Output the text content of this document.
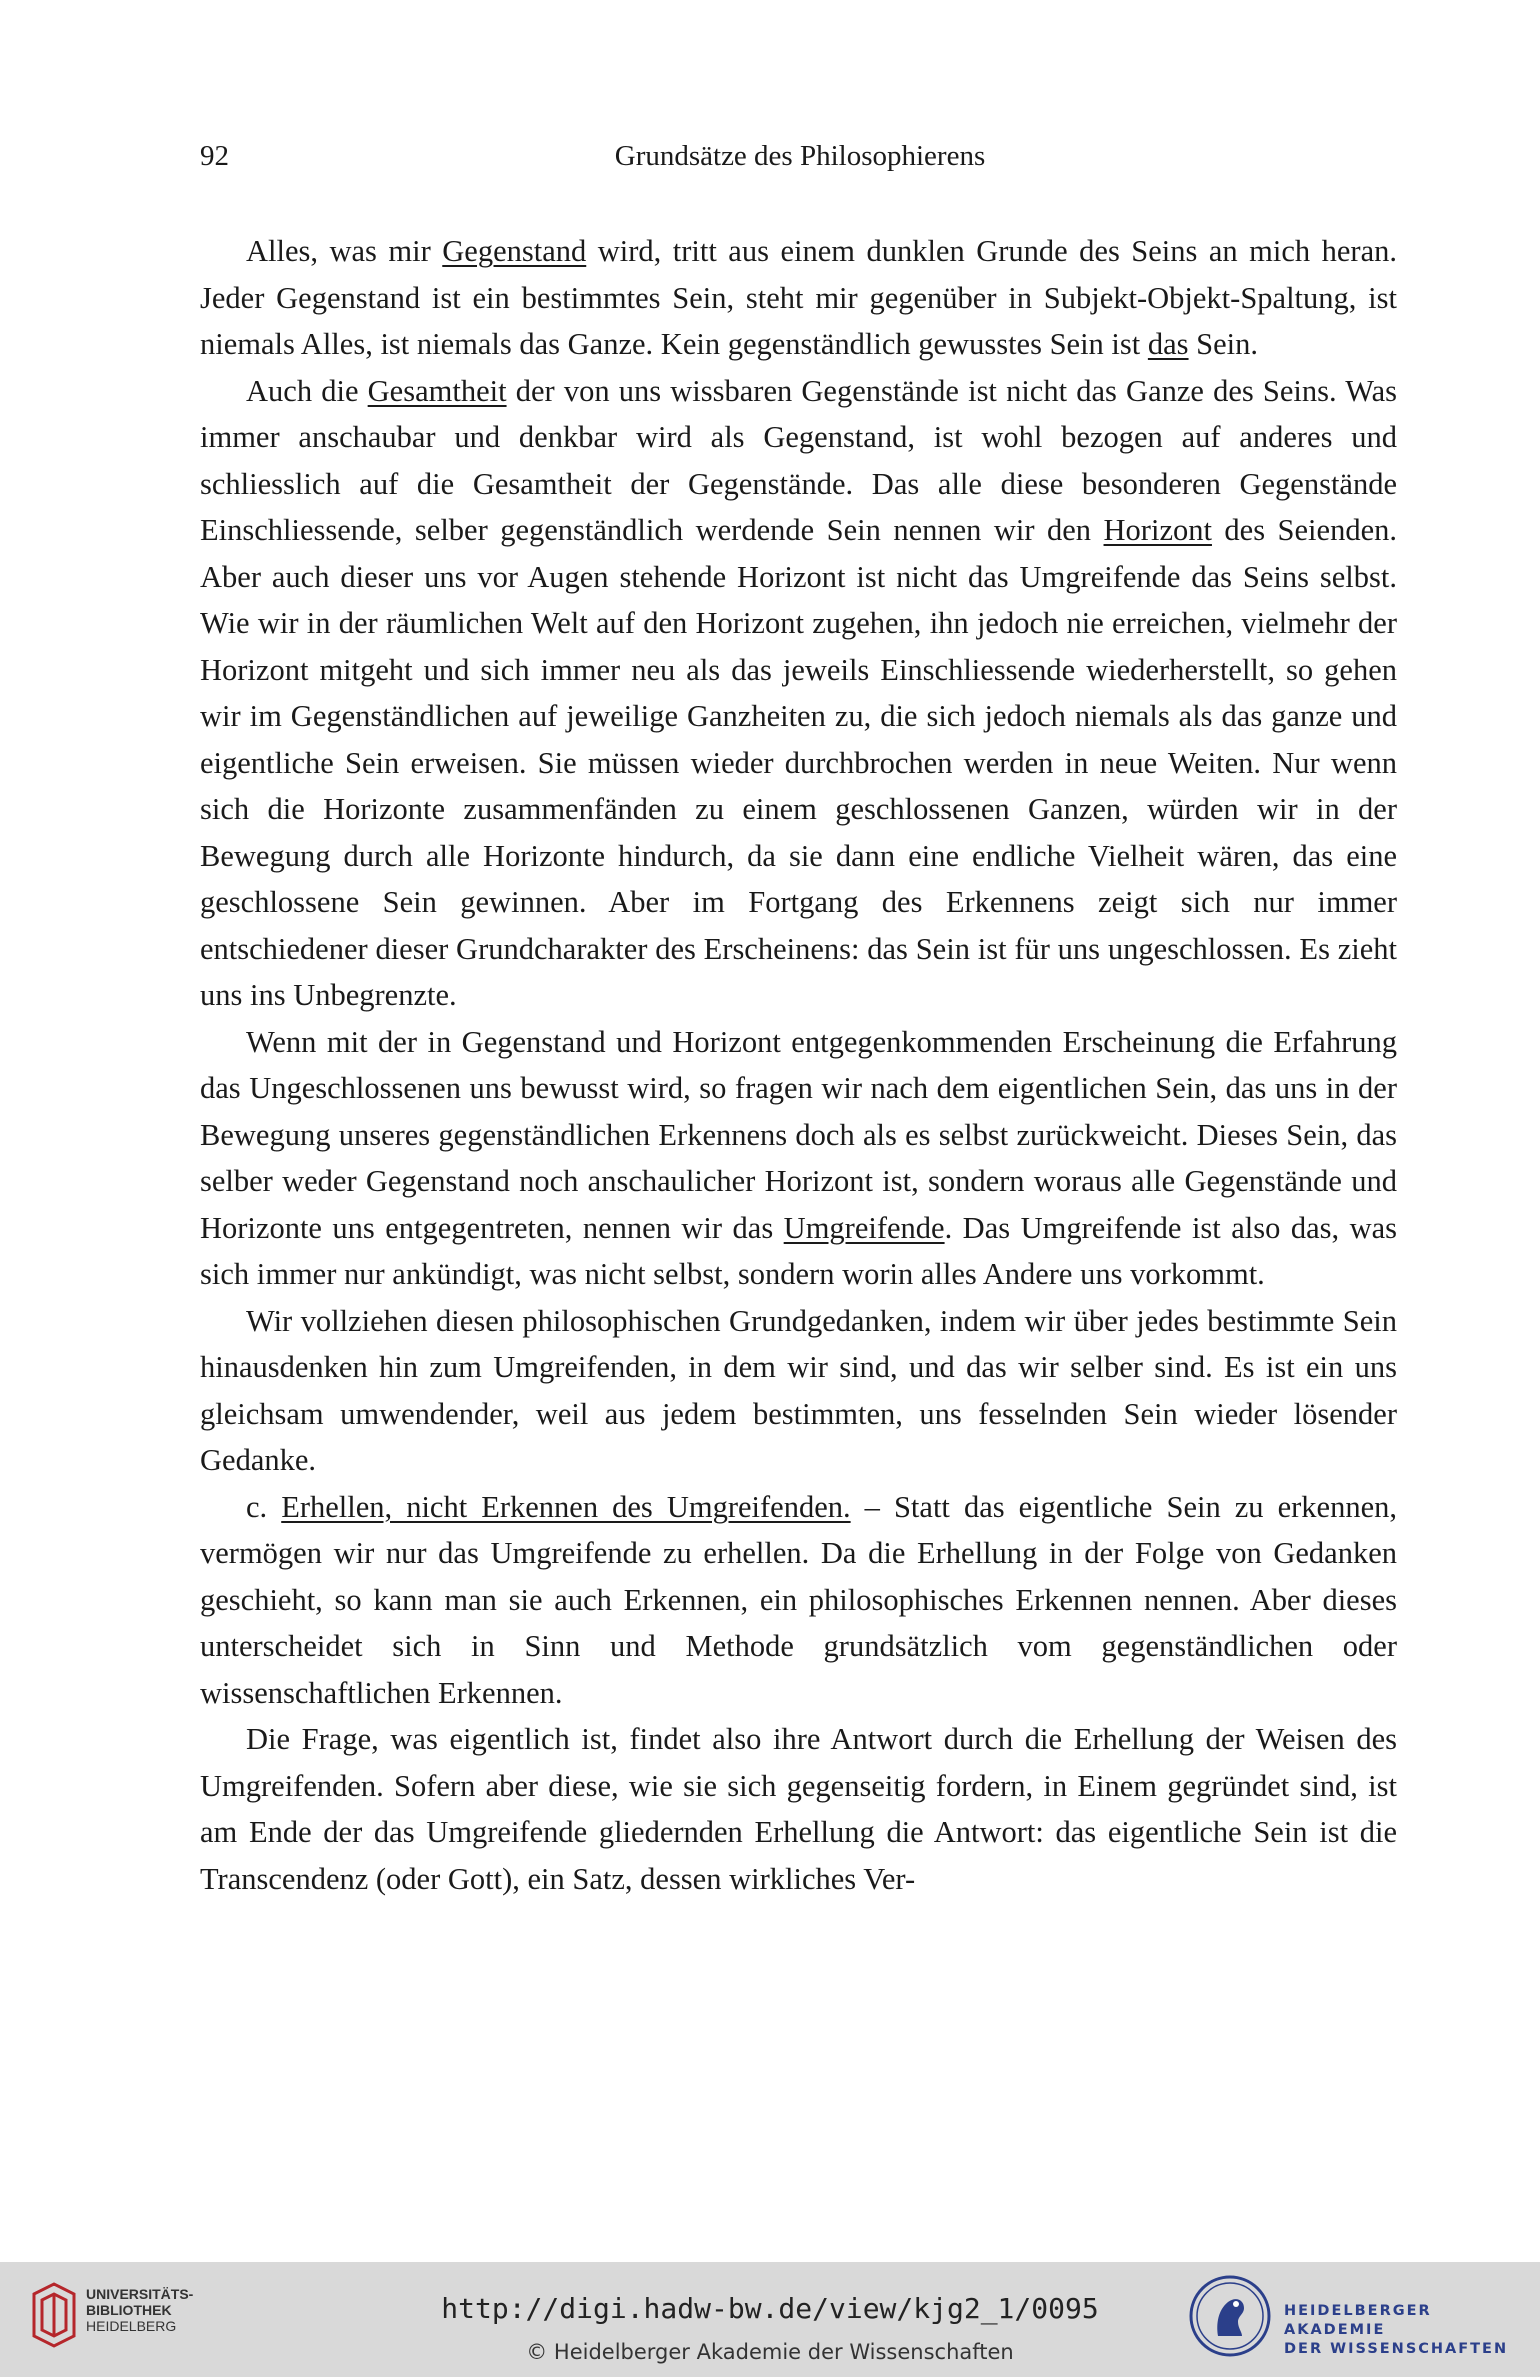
92	Grundsätze des Philosophierens

Alles, was mir Gegenstand wird, tritt aus einem dunklen Grunde des Seins an mich heran. Jeder Gegenstand ist ein bestimmtes Sein, steht mir gegenüber in Subjekt-Objekt-Spaltung, ist niemals Alles, ist niemals das Ganze. Kein gegenständlich gewusstes Sein ist das Sein.

Auch die Gesamtheit der von uns wissbaren Gegenstände ist nicht das Ganze des Seins. Was immer anschaubar und denkbar wird als Gegenstand, ist wohl bezogen auf anderes und schliesslich auf die Gesamtheit der Gegenstände. Das alle diese besonderen Gegenstände Einschliessende, selber gegenständlich werdende Sein nennen wir den Horizont des Seienden. Aber auch dieser uns vor Augen stehende Horizont ist nicht das Umgreifende das Seins selbst. Wie wir in der räumlichen Welt auf den Horizont zugehen, ihn jedoch nie erreichen, vielmehr der Horizont mitgeht und sich immer neu als das jeweils Einschliessende wiederherstellt, so gehen wir im Gegenständlichen auf jeweilige Ganzheiten zu, die sich jedoch niemals als das ganze und eigentliche Sein erweisen. Sie müssen wieder durchbrochen werden in neue Weiten. Nur wenn sich die Horizonte zusammenfänden zu einem geschlossenen Ganzen, würden wir in der Bewegung durch alle Horizonte hindurch, da sie dann eine endliche Vielheit wären, das eine geschlossene Sein gewinnen. Aber im Fortgang des Erkennens zeigt sich nur immer entschiedener dieser Grundcharakter des Erscheinens: das Sein ist für uns ungeschlossen. Es zieht uns ins Unbegrenzte.

Wenn mit der in Gegenstand und Horizont entgegenkommenden Erscheinung die Erfahrung das Ungeschlossenen uns bewusst wird, so fragen wir nach dem eigentlichen Sein, das uns in der Bewegung unseres gegenständlichen Erkennens doch als es selbst zurückweicht. Dieses Sein, das selber weder Gegenstand noch anschaulicher Horizont ist, sondern woraus alle Gegenstände und Horizonte uns entgegentreten, nennen wir das Umgreifende. Das Umgreifende ist also das, was sich immer nur ankündigt, was nicht selbst, sondern worin alles Andere uns vorkommt.

Wir vollziehen diesen philosophischen Grundgedanken, indem wir über jedes bestimmte Sein hinausdenken hin zum Umgreifenden, in dem wir sind, und das wir selber sind. Es ist ein uns gleichsam umwendender, weil aus jedem bestimmten, uns fesselnden Sein wieder lösender Gedanke.

c. Erhellen, nicht Erkennen des Umgreifenden. – Statt das eigentliche Sein zu erkennen, vermögen wir nur das Umgreifende zu erhellen. Da die Erhellung in der Folge von Gedanken geschieht, so kann man sie auch Erkennen, ein philosophisches Erkennen nennen. Aber dieses unterscheidet sich in Sinn und Methode grundsätzlich vom gegenständlichen oder wissenschaftlichen Erkennen.

Die Frage, was eigentlich ist, findet also ihre Antwort durch die Erhellung der Weisen des Umgreifenden. Sofern aber diese, wie sie sich gegenseitig fordern, in Einem gegründet sind, ist am Ende der das Umgreifende gliedernden Erhellung die Antwort: das eigentliche Sein ist die Transcendenz (oder Gott), ein Satz, dessen wirkliches Ver-

UNIVERSITÄTS-
BIBLIOTHEK
HEIDELBERG
http://digi.hadw-bw.de/view/kjg2_1/0095
© Heidelberger Akademie der Wissenschaften
HEIDELBERGER AKADEMIE
DER WISSENSCHAFTEN
